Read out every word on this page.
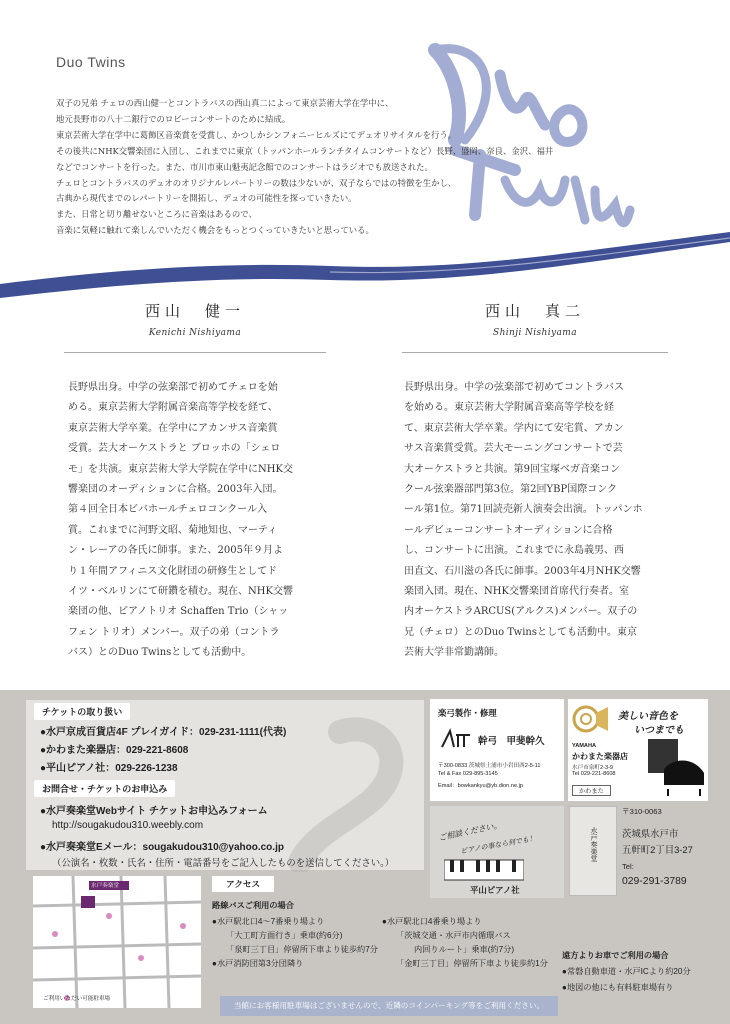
Duo Twins

双子の兄弟 チェロの西山健一とコントラバスの西山真二によって東京芸術大学在学中に、

地元長野市の八十二銀行でのロビーコンサートのために結成。

東京芸術大学在学中に葛飾区音楽賞を受賞し、かつしかシンフォニーヒルズにてデュオリサイタルを行う。

その後共にNHK交響楽団に入団し、これまでに東京（トッパンホールランチタイムコンサートなど）長野、盛岡、奈良、金沢、福井

などでコンサートを行った。また、市川市東山魁夷記念館でのコンサートはラジオでも放送された。

チェロとコントラバスのデュオのオリジナルレパートリーの数は少ないが、双子ならではの特徴を生かし、

古典から現代までのレパートリーを開拓し、デュオの可能性を探っていきたい。

また、日常と切り離せないところに音楽はあるので、

音楽に気軽に触れて楽しんでいただく機会をもっとつくっていきたいと思っている。

西山　健一
Kenichi Nishiyama
西山　真二
Shinji Nishiyama
長野県出身。中学の弦楽部で初めてチェロを始
める。東京芸術大学附属音楽高等学校を経て、
東京芸術大学卒業。在学中にアカンサス音楽賞
受賞。芸大オーケストラと ブロッホの「シェロ
モ」を共演。東京芸術大学大学院在学中にNHK交
響楽団のオーディションに合格。2003年入団。
第４回全日本ビバホールチェロコンクール入
賞。これまでに河野文昭、菊地知也、マーティ
ン・レーアの各氏に師事。また、2005年９月よ
り１年間アフィニス文化財団の研修生としてド
イツ・ベルリンにて研鑽を積む。現在、NHK交響
楽団の他、ピアノトリオ Schaffen Trio（シャッ
フェン トリオ）メンバー。双子の弟（コントラ
バス）とのDuo Twinsとしても活動中。
長野県出身。中学の弦楽部で初めてコントラバス
を始める。東京芸術大学附属音楽高等学校を経
て、東京芸術大学卒業。学内にて安宅賞、アカン
サス音楽賞受賞。芸大モーニングコンサートで芸
大オーケストラと共演。第9回宝塚ベガ音楽コン
クール弦楽器部門第3位。第2回YBP国際コンク
ール第1位。第71回読売新人演奏会出演。トッパンホ
ールデビューコンサートオーディションに合格
し、コンサートに出演。これまでに永島義男、西
田直文、石川滋の各氏に師事。2003年4月NHK交響
楽団入団。現在、NHK交響楽団首席代行奏者。室
内オーケストラARCUS(アルクス)メンバー。双子の
兄（チェロ）とのDuo Twinsとしても活動中。東京
芸術大学非常勤講師。
チケットの取り扱い
●水戸京成百貨店4F プレイガイド：029-231-1111(代表)
●かわまた楽器店：029-221-8608
●平山ピアノ社：029-226-1238
お問合せ・チケットのお申込み
●水戸奏楽堂Webサイト チケットお申込みフォーム
http://sougakudou310.weebly.com
●水戸奏楽堂Eメール：sougakudou310@yahoo.co.jp
（公演名・枚数・氏名・住所・電話番号をご記入したものを送信してください。）
楽弓製作・修理
幹弓　甲斐幹久
〒300-0833 茨城県土浦市小岩田西2-5-11
Tel & Fax 029-895-3145
Email：bowkankyu@yb.dion.ne.jp
美しい音色を
いつまでも
YAMAHA
かわまた楽器店
水戸市泉町2-3-9
Tel 029-221-8608
かわまた
ご相談ください。
ピアノの事なら何でも！
平山ピアノ社
水戸奏楽堂
〒310-0063
茨城県水戸市
五軒町2丁目3-27
Tel:
029-291-3789
水戸奏楽堂
ご利用いただい可能駐車場
アクセス
路線バスご利用の場合
●水戸駅北口4〜7番乗り場より
「大工町方面行き」乗車(約6分)
「泉町三丁目」停留所下車より徒歩約7分
●水戸消防団第3分団隣り
●水戸駅北口4番乗り場より
「茨城交通・水戸市内循環バス
内回りルート」乗車(約7分)
「金町三丁目」停留所下車より徒歩約1分
遠方よりお車でご利用の場合
●常磐自動車道・水戸ICより約20分
●地図の他にも有料駐車場有り
当館にお客様用駐車場はございませんので、近隣のコインパーキング等をご利用ください。
